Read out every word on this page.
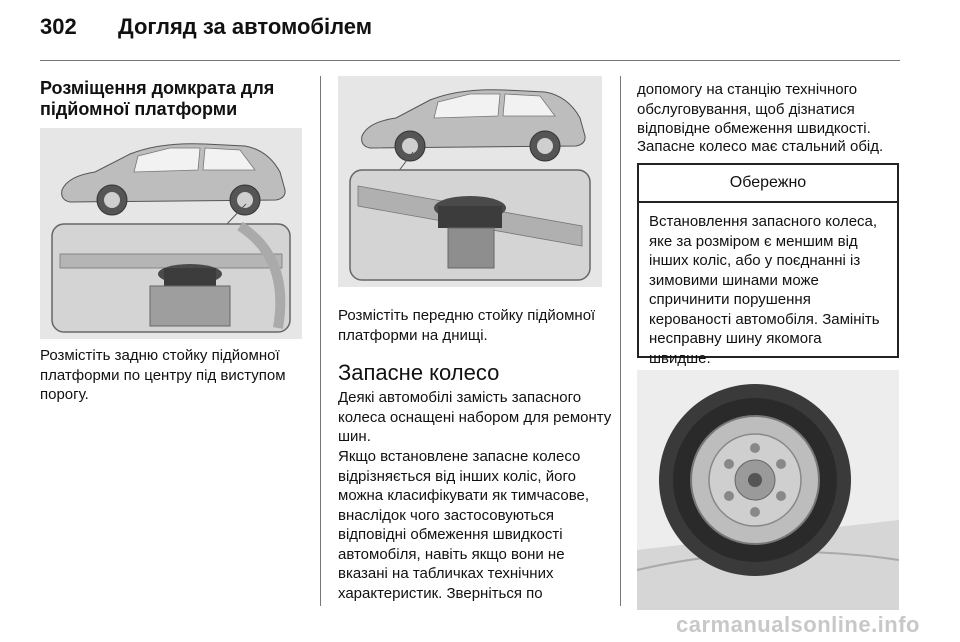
302 Догляд за автомобілем
Розміщення домкрата для підйомної платформи
Розмістіть задню стойку підйомної платформи по центру під виступом порогу.
Розмістіть передню стойку підйомної платформи на днищі.
Запасне колесо
Деякі автомобілі замість запасного колеса оснащені набором для ремонту шин.
Якщо встановлене запасне колесо відрізняється від інших коліс, його можна класифікувати як тимчасове, внаслідок чого застосовуються відповідні обмеження швидкості автомобіля, навіть якщо вони не вказані на табличках технічних характеристик. Зверніться по
допомогу на станцію технічного обслуговування, щоб дізнатися відповідне обмеження швидкості.
Запасне колесо має стальний обід.
Обережно
Встановлення запасного колеса, яке за розміром є меншим від інших коліс, або у поєднанні із зимовими шинами може спричинити порушення керованості автомобіля. Замініть несправну шину якомога швидше.
carmanualsonline.info
